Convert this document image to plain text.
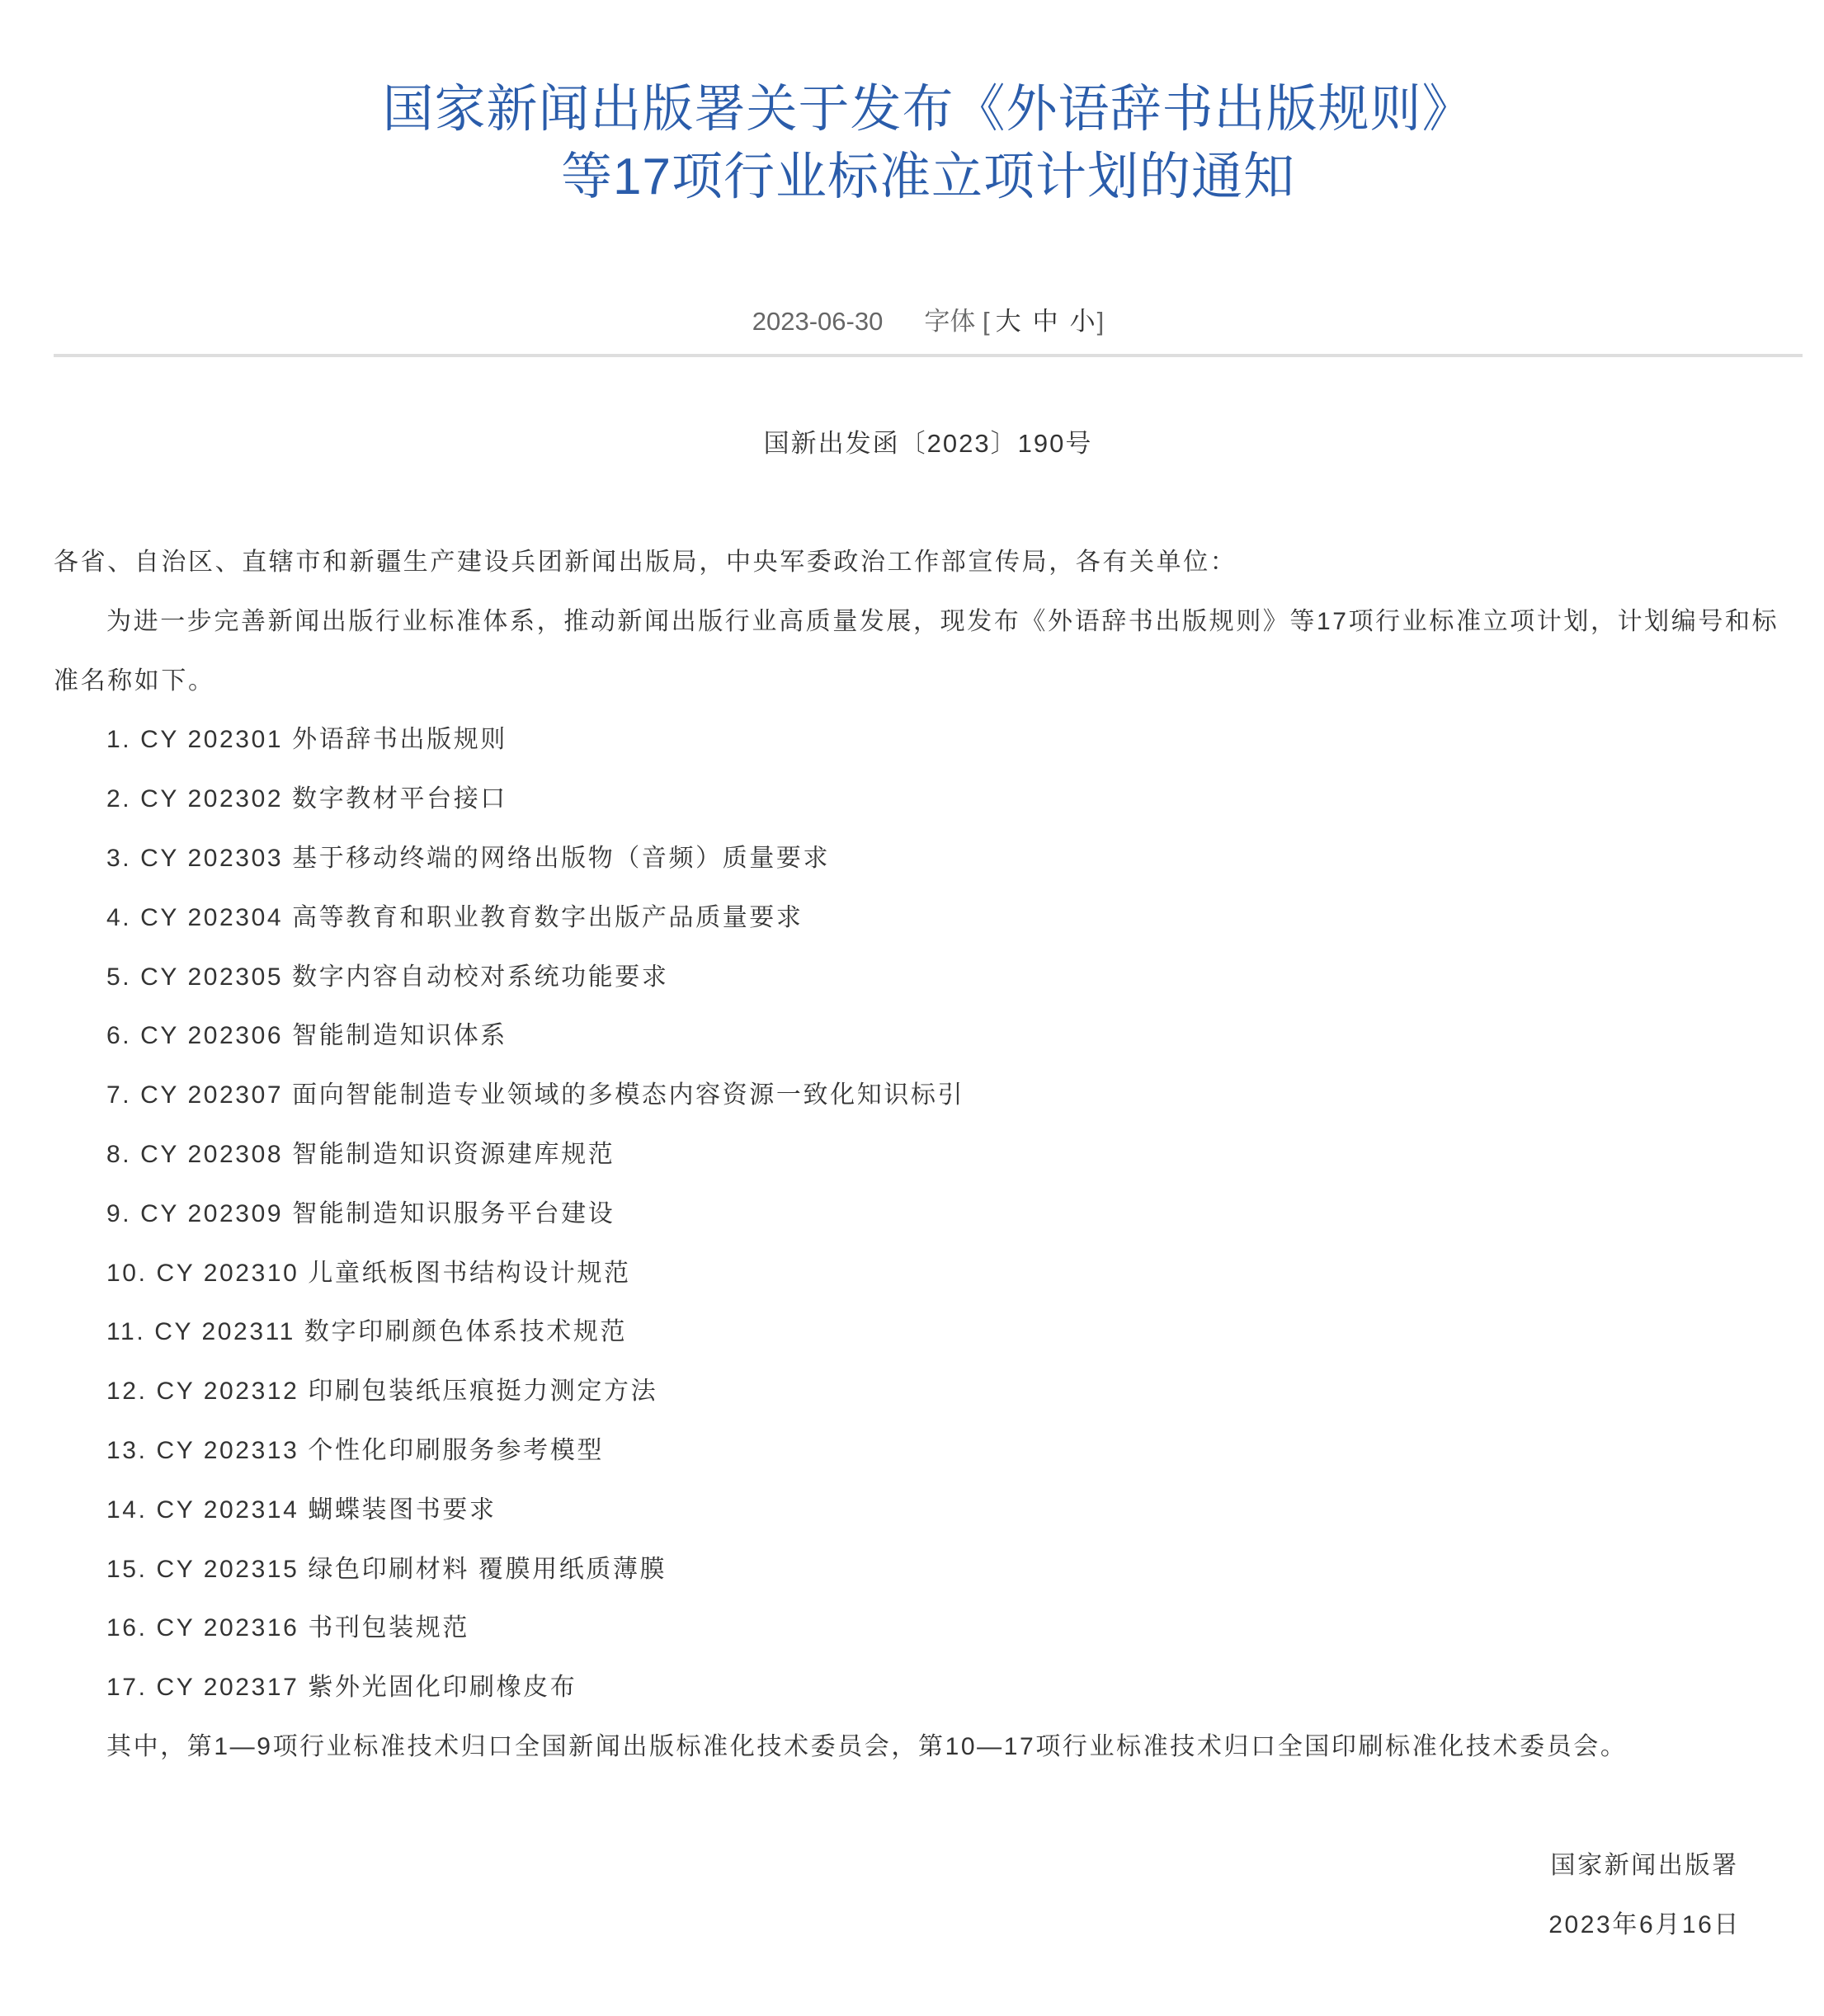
国家新闻出版署关于发布《外语辞书出版规则》
等17项行业标准立项计划的通知
2023-06-30 字体 [ 大 中 小]
国新出发函〔2023〕190号

各省、自治区、直辖市和新疆生产建设兵团新闻出版局，中央军委政治工作部宣传局，各有关单位：

为进一步完善新闻出版行业标准体系，推动新闻出版行业高质量发展，现发布《外语辞书出版规则》等17项行业标准立项计划，计划编号和标准名称如下。

1. CY 202301 外语辞书出版规则

2. CY 202302 数字教材平台接口

3. CY 202303 基于移动终端的网络出版物（音频）质量要求

4. CY 202304 高等教育和职业教育数字出版产品质量要求

5. CY 202305 数字内容自动校对系统功能要求

6. CY 202306 智能制造知识体系

7. CY 202307 面向智能制造专业领域的多模态内容资源一致化知识标引

8. CY 202308 智能制造知识资源建库规范

9. CY 202309 智能制造知识服务平台建设

10. CY 202310 儿童纸板图书结构设计规范

11. CY 202311 数字印刷颜色体系技术规范

12. CY 202312 印刷包装纸压痕挺力测定方法

13. CY 202313 个性化印刷服务参考模型

14. CY 202314 蝴蝶装图书要求

15. CY 202315 绿色印刷材料 覆膜用纸质薄膜

16. CY 202316 书刊包装规范

17. CY 202317 紫外光固化印刷橡皮布

其中，第1—9项行业标准技术归口全国新闻出版标准化技术委员会，第10—17项行业标准技术归口全国印刷标准化技术委员会。

国家新闻出版署
2023年6月16日
